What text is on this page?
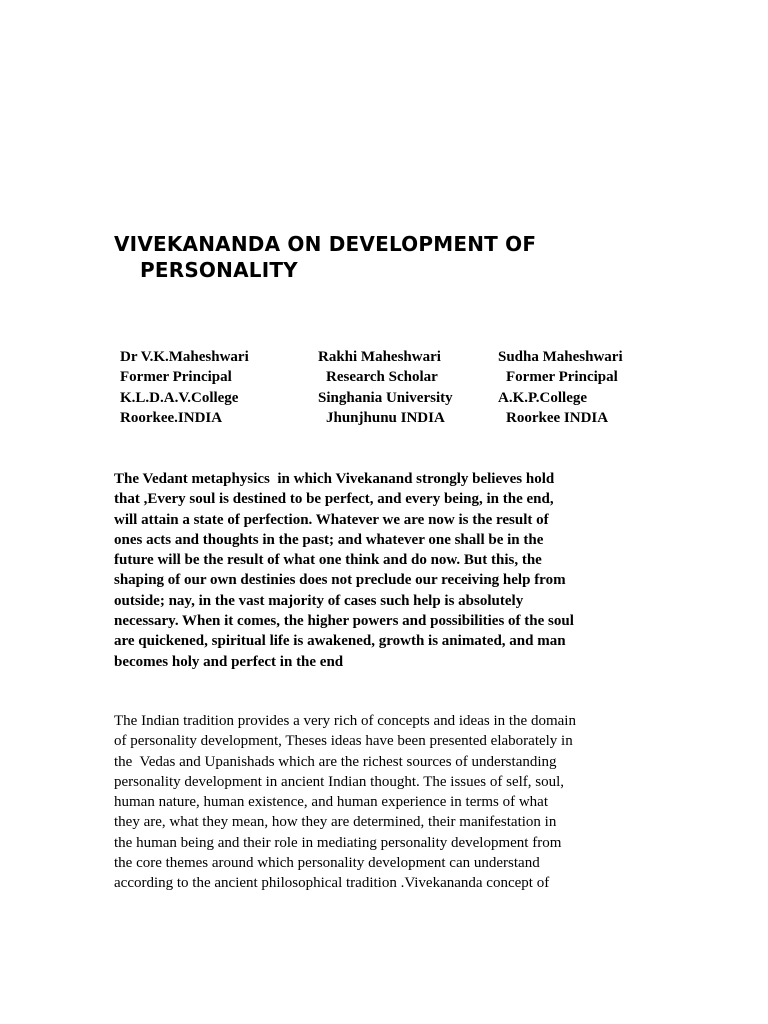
VIVEKANANDA ON DEVELOPMENT OF
PERSONALITY
Dr V.K.Maheshwari
Former Principal
K.L.D.A.V.College
Roorkee.INDIA
Rakhi Maheshwari
Research Scholar
Singhania University
Jhunjhunu INDIA
Sudha Maheshwari
Former Principal
A.K.P.College
Roorkee INDIA

The Vedant metaphysics  in which Vivekanand strongly believes hold
that ,Every soul is destined to be perfect, and every being, in the end,
will attain a state of perfection. Whatever we are now is the result of
ones acts and thoughts in the past; and whatever one shall be in the
future will be the result of what one think and do now. But this, the
shaping of our own destinies does not preclude our receiving help from
outside; nay, in the vast majority of cases such help is absolutely
necessary. When it comes, the higher powers and possibilities of the soul
are quickened, spiritual life is awakened, growth is animated, and man
becomes holy and perfect in the end

The Indian tradition provides a very rich of concepts and ideas in the domain
of personality development, Theses ideas have been presented elaborately in
the  Vedas and Upanishads which are the richest sources of understanding
personality development in ancient Indian thought. The issues of self, soul,
human nature, human existence, and human experience in terms of what
they are, what they mean, how they are determined, their manifestation in
the human being and their role in mediating personality development from
the core themes around which personality development can understand
according to the ancient philosophical tradition .Vivekananda concept of
